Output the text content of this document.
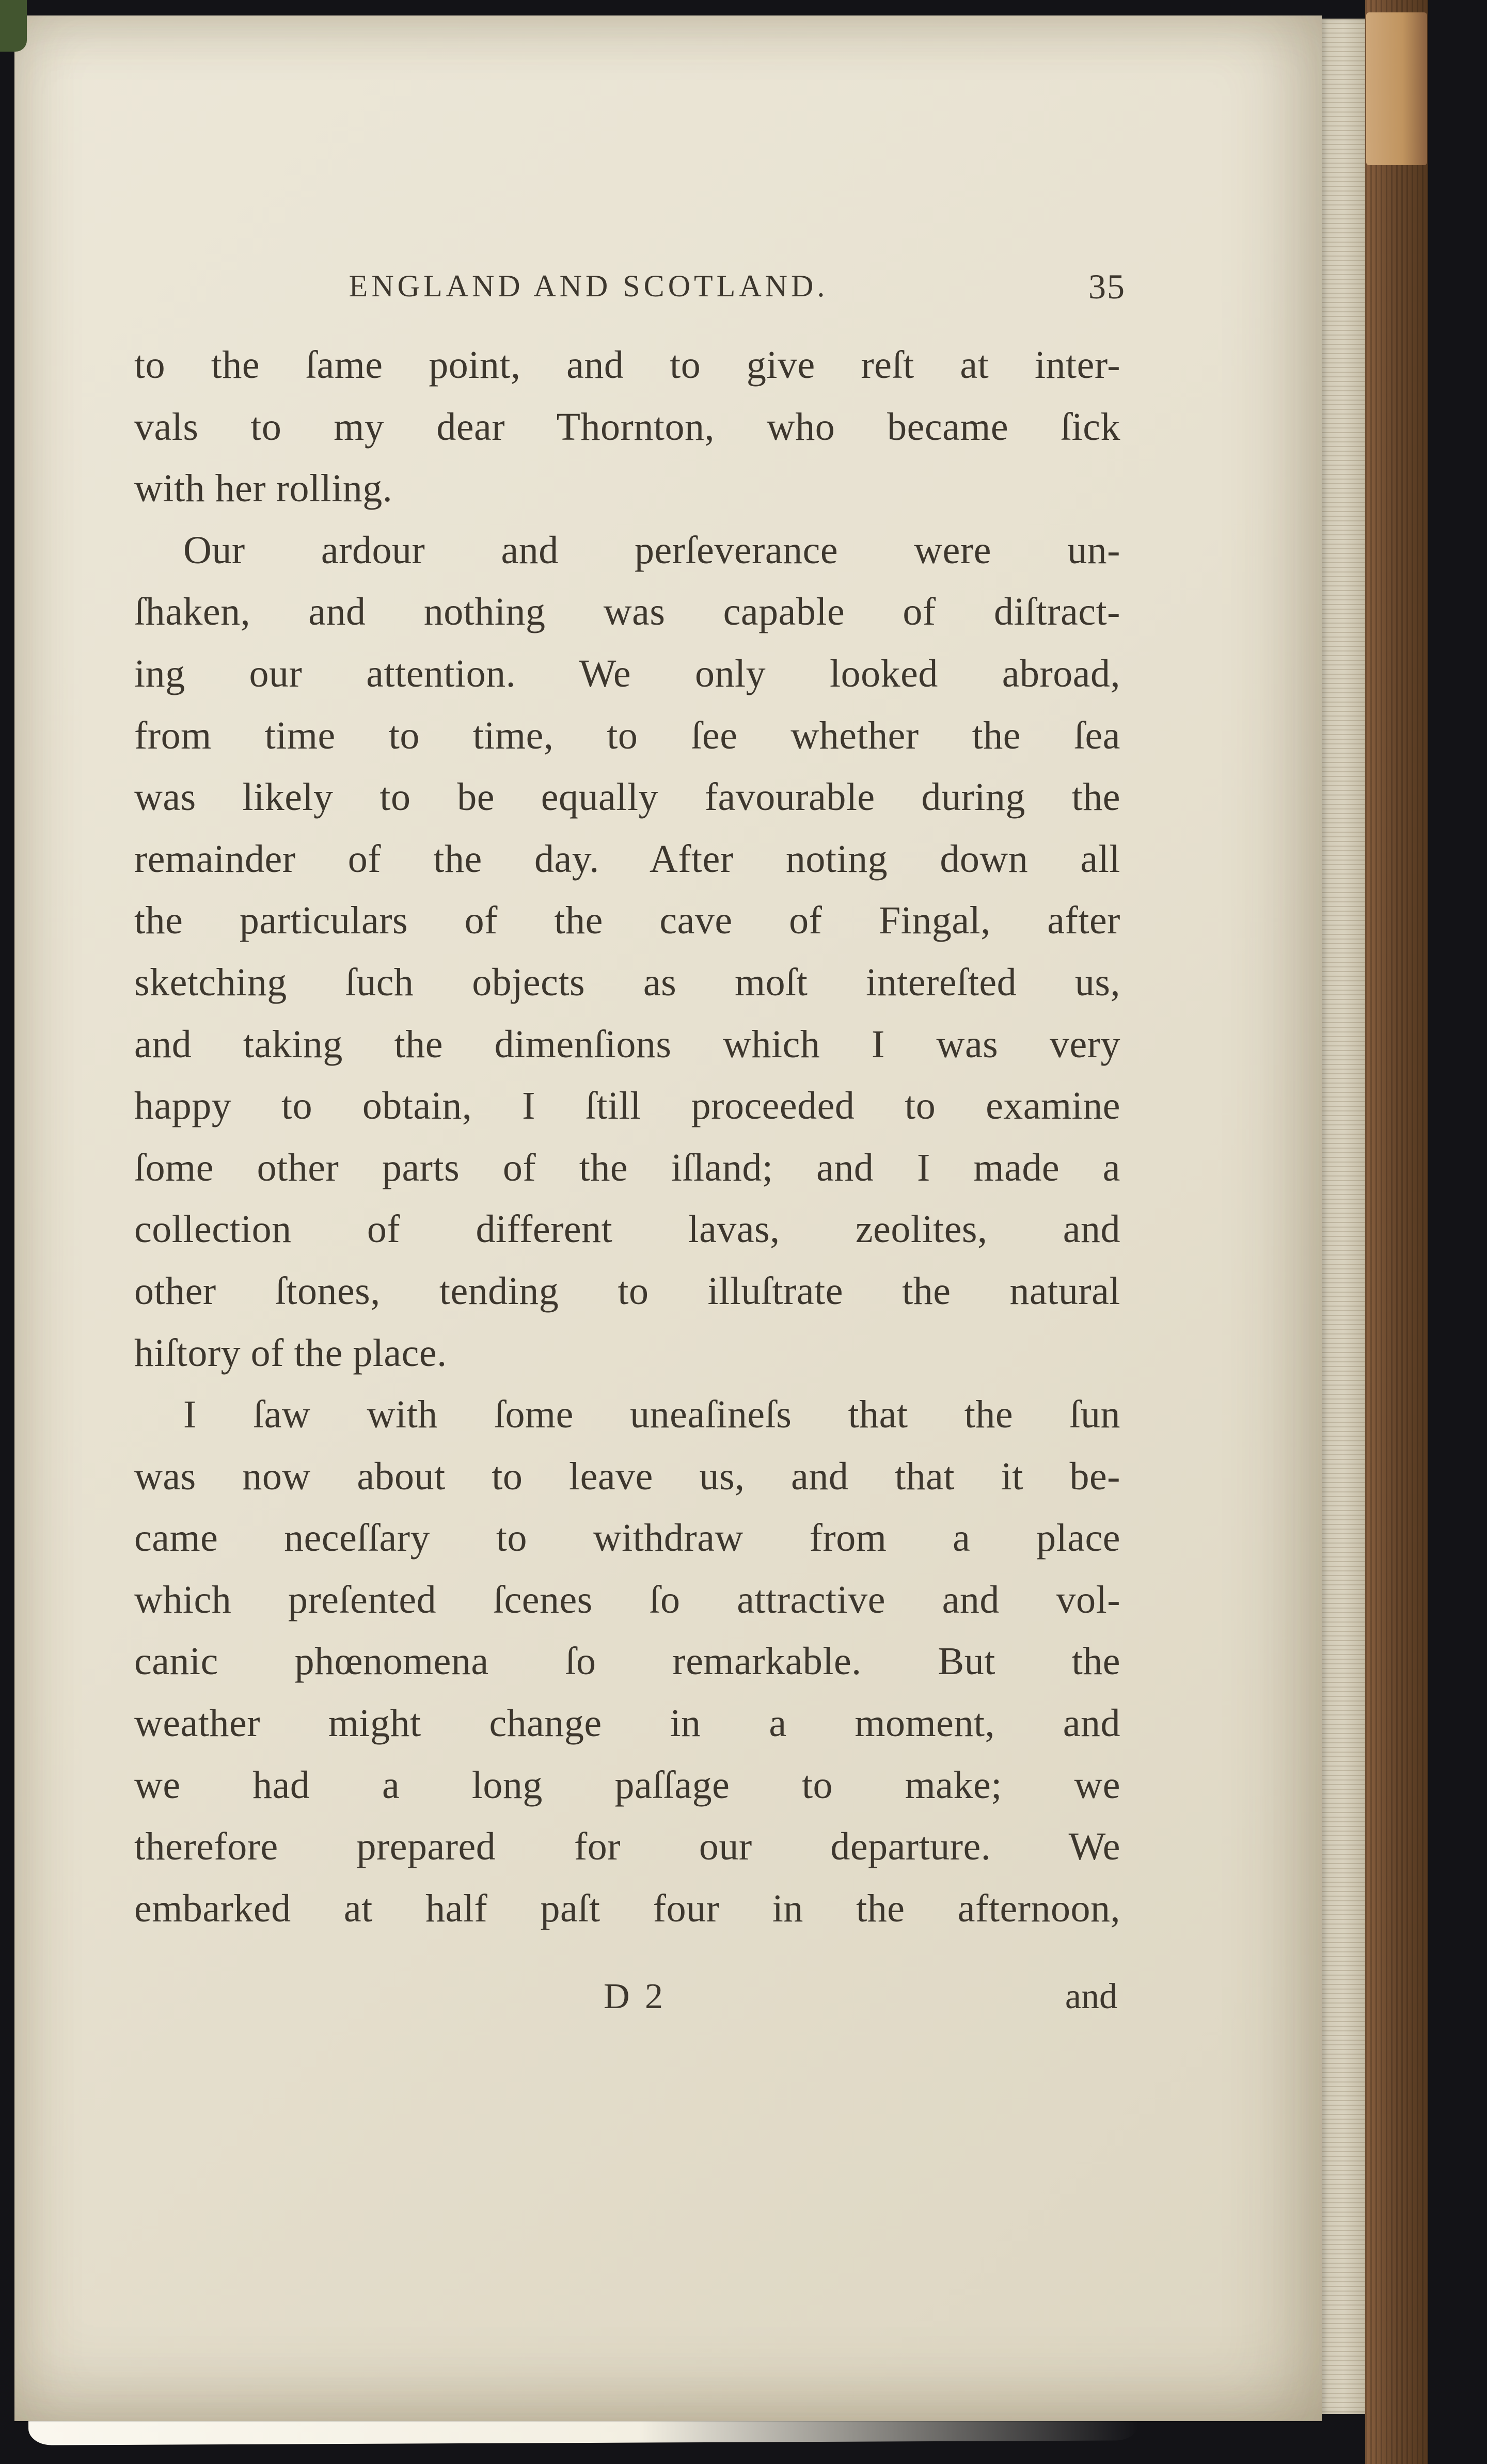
ENGLAND AND SCOTLAND.	35
to the ſame point, and to give reſt at inter-
vals to my dear Thornton, who became ſick
with her rolling.
Our ardour and perſeverance were un-
ſhaken, and nothing was capable of diſtract-
ing our attention. We only looked abroad,
from time to time, to ſee whether the ſea
was likely to be equally favourable during the
remainder of the day. After noting down all
the particulars of the cave of Fingal, after
sketching ſuch objects as moſt intereſted us,
and taking the dimenſions which I was very
happy to obtain, I ſtill proceeded to examine
ſome other parts of the iſland; and I made a
collection of different lavas, zeolites, and
other ſtones, tending to illuſtrate the natural
hiſtory of the place.
I ſaw with ſome uneaſineſs that the ſun
was now about to leave us, and that it be-
came neceſſary to withdraw from a place
which preſented ſcenes ſo attractive and vol-
canic phœnomena ſo remarkable. But the
weather might change in a moment, and
we had a long paſſage to make; we
therefore prepared for our departure. We
embarked at half paſt four in the afternoon,
D 2	and
